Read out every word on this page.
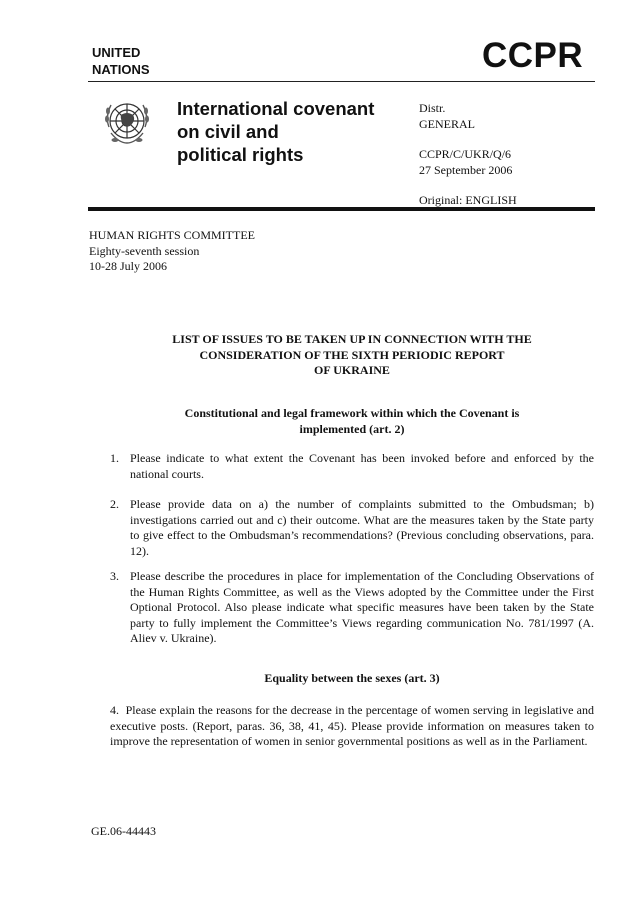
UNITED
NATIONS	CCPR
International covenant
on civil and
political rights
Distr.
GENERAL
CCPR/C/UKR/Q/6
27 September 2006
Original: ENGLISH
HUMAN RIGHTS COMMITTEE
Eighty-seventh session
10-28 July 2006
LIST OF ISSUES TO BE TAKEN UP IN CONNECTION WITH THE
CONSIDERATION OF THE SIXTH PERIODIC REPORT
OF UKRAINE
Constitutional and legal framework within which the Covenant is
implemented (art. 2)
1. Please indicate to what extent the Covenant has been invoked before and enforced by the national courts.
2. Please provide data on a) the number of complaints submitted to the Ombudsman; b) investigations carried out and c) their outcome. What are the measures taken by the State party to give effect to the Ombudsman’s recommendations? (Previous concluding observations, para. 12).
3. Please describe the procedures in place for implementation of the Concluding Observations of the Human Rights Committee, as well as the Views adopted by the Committee under the First Optional Protocol. Also please indicate what specific measures have been taken by the State party to fully implement the Committee’s Views regarding communication No. 781/1997 (A. Aliev v. Ukraine).
Equality between the sexes (art. 3)
4. Please explain the reasons for the decrease in the percentage of women serving in legislative and executive posts. (Report, paras. 36, 38, 41, 45). Please provide information on measures taken to improve the representation of women in senior governmental positions as well as in the Parliament.
GE.06-44443
